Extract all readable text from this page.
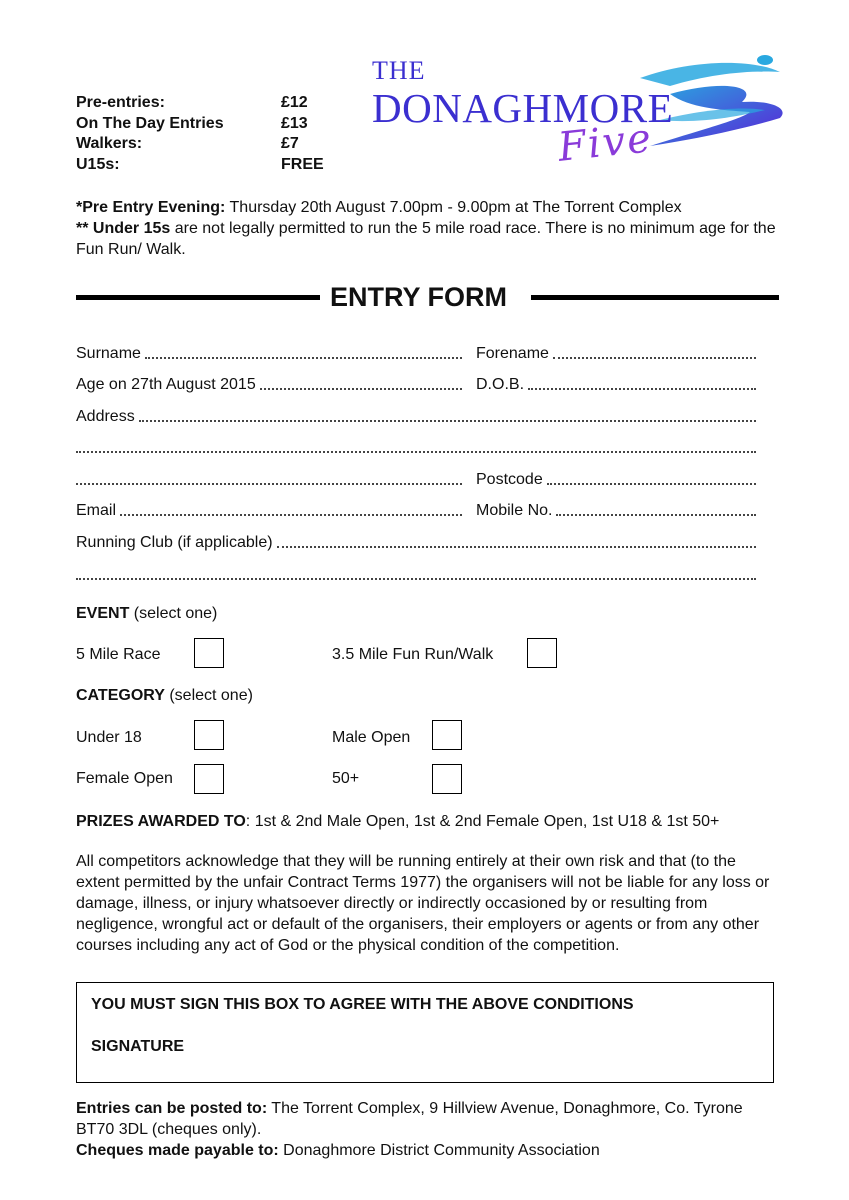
Pre-entries:	£12
On The Day Entries	£13
Walkers:	£7
U15s:	FREE
THE
DONAGHMORE
Five
*Pre Entry Evening: Thursday 20th August 7.00pm - 9.00pm at The Torrent Complex
** Under 15s are not legally permitted to run the 5 mile road race. There is no minimum age for the Fun Run/ Walk.
ENTRY FORM
Surname	Forename
Age on 27th August 2015	D.O.B.
Address
Postcode
Email	Mobile No.
Running Club (if applicable)
EVENT (select one)
5 Mile Race	3.5 Mile Fun Run/Walk
CATEGORY (select one)
Under 18	Male Open
Female Open	50+
PRIZES AWARDED TO: 1st & 2nd Male Open, 1st & 2nd Female Open, 1st U18 & 1st 50+
All competitors acknowledge that they will be running entirely at their own risk and that (to the extent permitted by the unfair Contract Terms 1977) the organisers will not be liable for any loss or damage, illness, or injury whatsoever directly or indirectly occasioned by or resulting from negligence, wrongful act or default of the organisers, their employers or agents or from any other courses including any act of God or the physical condition of the competition.
YOU MUST SIGN THIS BOX TO AGREE WITH THE ABOVE CONDITIONS
SIGNATURE
Entries can be posted to: The Torrent Complex, 9 Hillview Avenue, Donaghmore, Co. Tyrone BT70 3DL (cheques only).
Cheques made payable to: Donaghmore District Community Association
